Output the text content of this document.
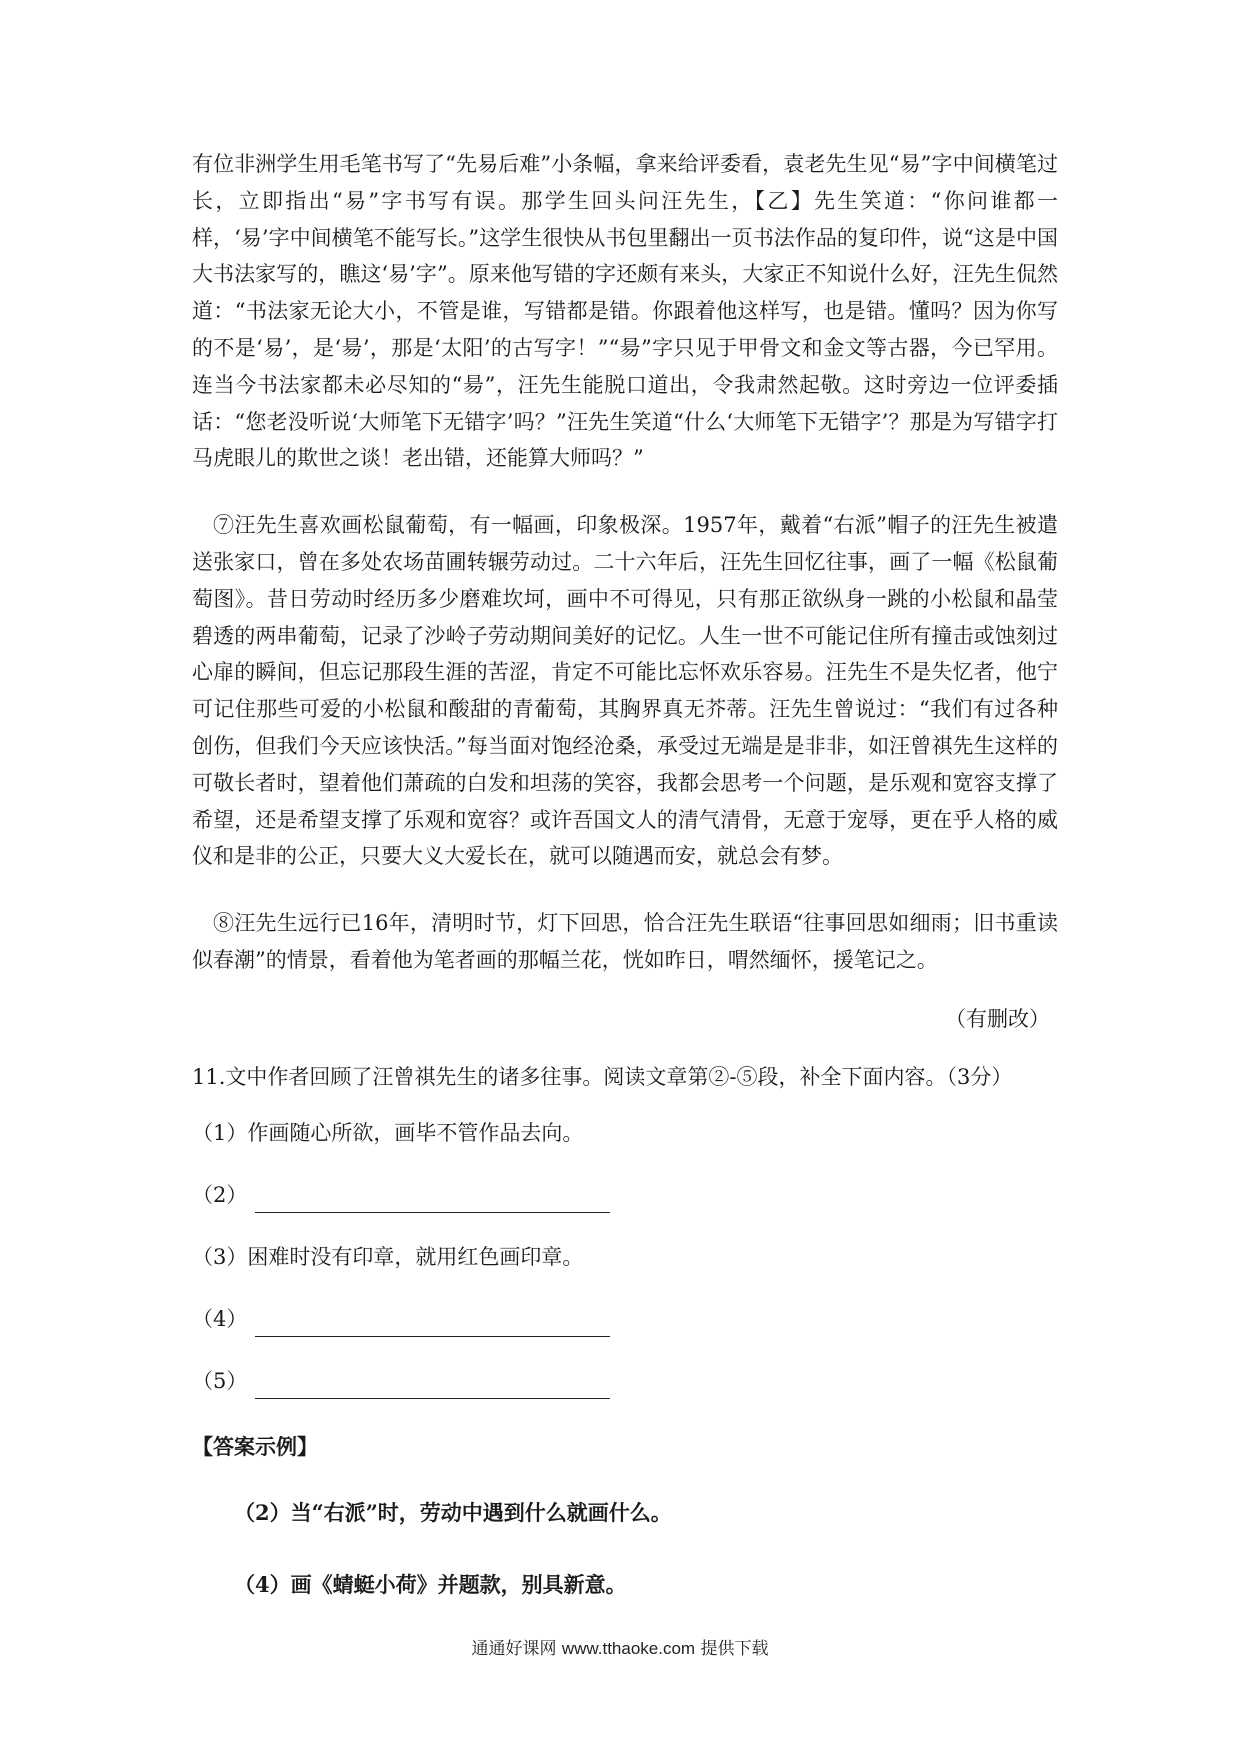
有位非洲学生用毛笔书写了“先易后难”小条幅，拿来给评委看，袁老先生见“易”字中间横笔过长，立即指出“易”字书写有误。那学生回头问汪先生，【乙】先生笑道：“你问谁都一样，‘易’字中间横笔不能写长。”这学生很快从书包里翻出一页书法作品的复印件，说“这是中国大书法家写的，瞧这‘易’字”。原来他写错的字还颇有来头，大家正不知说什么好，汪先生侃然道：“书法家无论大小，不管是谁，写错都是错。你跟着他这样写，也是错。懂吗？因为你写的不是‘易’，是‘昜’，那是‘太阳’的古写字！”“昜”字只见于甲骨文和金文等古器，今已罕用。连当今书法家都未必尽知的“昜”，汪先生能脱口道出，令我肃然起敬。这时旁边一位评委插话：“您老没听说‘大师笔下无错字’吗？”汪先生笑道“什么‘大师笔下无错字’？那是为写错字打马虎眼儿的欺世之谈！老出错，还能算大师吗？”

⑦汪先生喜欢画松鼠葡萄，有一幅画，印象极深。1957年，戴着“右派”帽子的汪先生被遣送张家口，曾在多处农场苗圃转辗劳动过。二十六年后，汪先生回忆往事，画了一幅《松鼠葡萄图》。昔日劳动时经历多少磨难坎坷，画中不可得见，只有那正欲纵身一跳的小松鼠和晶莹碧透的两串葡萄，记录了沙岭子劳动期间美好的记忆。人生一世不可能记住所有撞击或蚀刻过心扉的瞬间，但忘记那段生涯的苦涩，肯定不可能比忘怀欢乐容易。汪先生不是失忆者，他宁可记住那些可爱的小松鼠和酸甜的青葡萄，其胸界真无芥蒂。汪先生曾说过：“我们有过各种创伤，但我们今天应该快活。”每当面对饱经沧桑，承受过无端是是非非，如汪曾祺先生这样的可敬长者时，望着他们萧疏的白发和坦荡的笑容，我都会思考一个问题，是乐观和宽容支撑了希望，还是希望支撑了乐观和宽容？或许吾国文人的清气清骨，无意于宠辱，更在乎人格的威仪和是非的公正，只要大义大爱长在，就可以随遇而安，就总会有梦。

⑧汪先生远行已16年，清明时节，灯下回思，恰合汪先生联语“往事回思如细雨；旧书重读似春潮”的情景，看着他为笔者画的那幅兰花，恍如昨日，喟然缅怀，援笔记之。

（有删改）

11.文中作者回顾了汪曾祺先生的诸多往事。阅读文章第②-⑤段，补全下面内容。（3分）

（1） 作画随心所欲，画毕不管作品去向。
（2）
（3） 困难时没有印章，就用红色画印章。
（4）
（5）

【答案示例】

（2）当“右派”时，劳动中遇到什么就画什么。

（4）画《蜻蜓小荷》并题款，别具新意。

通通好课网 www.tthaoke.com 提供下载
